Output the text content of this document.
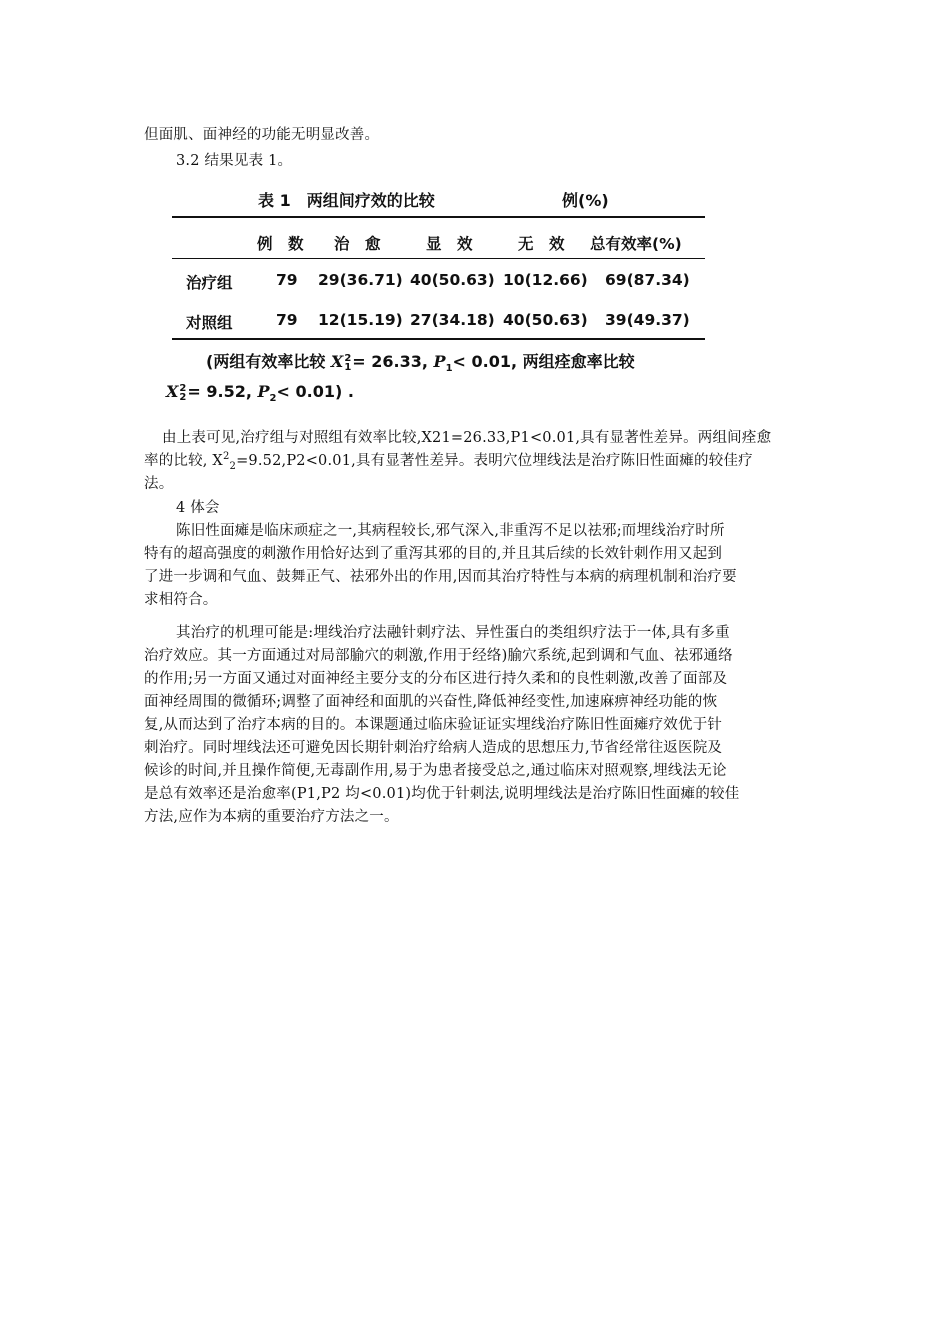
但面肌、面神经的功能无明显改善。
3.2 结果见表 1。
表 1　两组间疗效的比较	例(%)
例　数 治　愈	显　效	无　效 总有效率(%)
治疗组	79 29(36.71) 40(50.63) 10(12.66) 69(87.34)
对照组	79 12(15.19) 27(34.18) 40(50.63) 39(49.37)
(两组有效率比较 X 2
1 = 26.33, $P_1< 0.01$, 两组痊愈率比较
X 2
2 = 9.52, $P_2< 0.01$) .
由上表可见,治疗组与对照组有效率比较,X21=26.33,P1<0.01,具有显著性差异。两组间痊愈
率的比较, $X^2_2=9.52,P2<0.01$,具有显著性差异。表明穴位埋线法是治疗陈旧性面瘫的较佳疗
法。
4 体会
陈旧性面瘫是临床顽症之一,其病程较长,邪气深入,非重泻不足以祛邪;而埋线治疗时所
特有的超高强度的刺激作用恰好达到了重泻其邪的目的,并且其后续的长效针刺作用又起到
了进一步调和气血、鼓舞正气、祛邪外出的作用,因而其治疗特性与本病的病理机制和治疗要
求相符合。
其治疗的机理可能是:埋线治疗法融针刺疗法、异性蛋白的类组织疗法于一体,具有多重
治疗效应。其一方面通过对局部腧穴的刺激,作用于经络)腧穴系统,起到调和气血、祛邪通络
的作用;另一方面又通过对面神经主要分支的分布区进行持久柔和的良性刺激,改善了面部及
面神经周围的微循环;调整了面神经和面肌的兴奋性,降低神经变性,加速麻痹神经功能的恢
复,从而达到了治疗本病的目的。本课题通过临床验证证实埋线治疗陈旧性面瘫疗效优于针
刺治疗。同时埋线法还可避免因长期针刺治疗给病人造成的思想压力,节省经常往返医院及
候诊的时间,并且操作简便,无毒副作用,易于为患者接受总之,通过临床对照观察,埋线法无论
是总有效率还是治愈率(P1,P2 均<0.01)均优于针刺法,说明埋线法是治疗陈旧性面瘫的较佳
方法,应作为本病的重要治疗方法之一。
